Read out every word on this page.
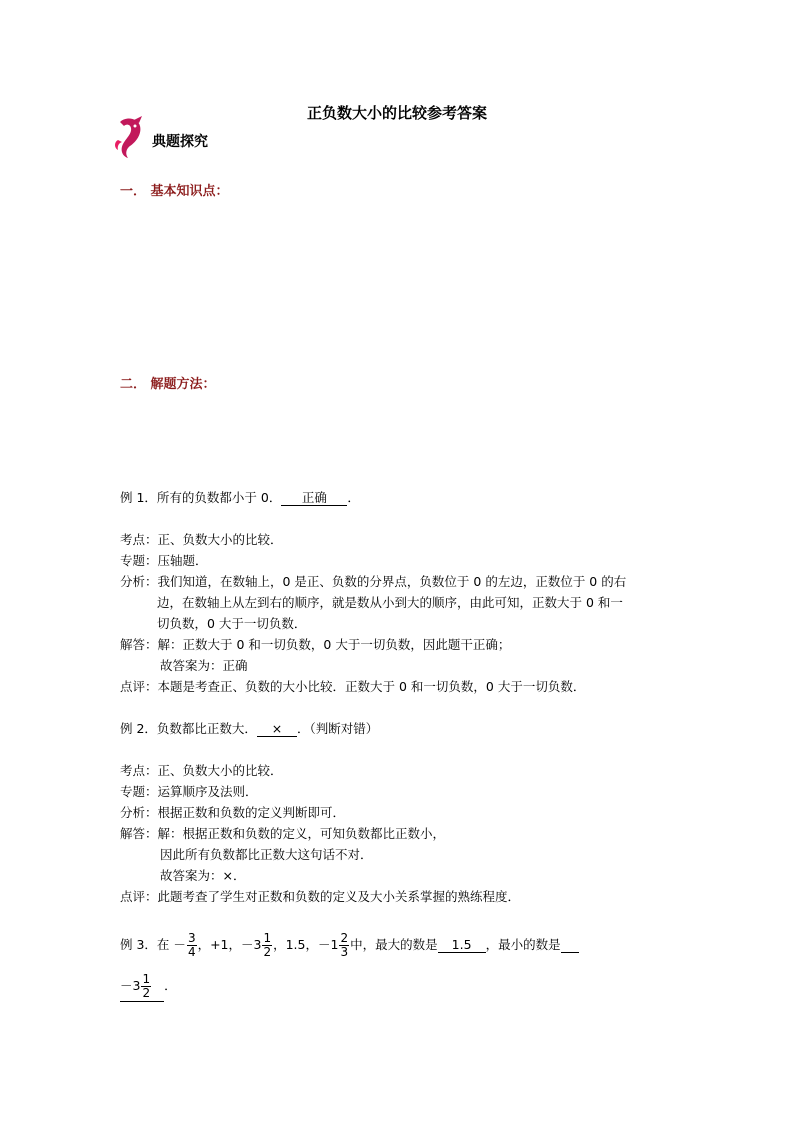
正负数大小的比较参考答案
典题探究
一． 基本知识点：
二． 解题方法：
例 1．所有的负数都小于 0． 正确 ．
考点：正、负数大小的比较．
专题：压轴题．
分析：我们知道，在数轴上，0 是正、负数的分界点，负数位于 0 的左边，正数位于 0 的右
边，在数轴上从左到右的顺序，就是数从小到大的顺序，由此可知，正数大于 0 和一
切负数，0 大于一切负数．
解答：解：正数大于 0 和一切负数，0 大于一切负数，因此题干正确；
故答案为：正确
点评：本题是考查正、负数的大小比较．正数大于 0 和一切负数，0 大于一切负数．
例 2．负数都比正数大． × ．（判断对错）
考点：正、负数大小的比较．
专题：运算顺序及法则．
分析：根据正数和负数的定义判断即可．
解答：解：根据正数和负数的定义，可知负数都比正数小，
因此所有负数都比正数大这句话不对．
故答案为：×．
点评：此题考查了学生对正数和负数的定义及大小关系掌握的熟练程度．
例 3．在 － $\frac{3}{4}$ ，+1，$-3 \frac{1}{2}$ ，1.5，$-1 \frac{2}{3}$ 中，最大的数是 1.5 ，最小的数是
$-3 \frac{1}{2}$ ．
